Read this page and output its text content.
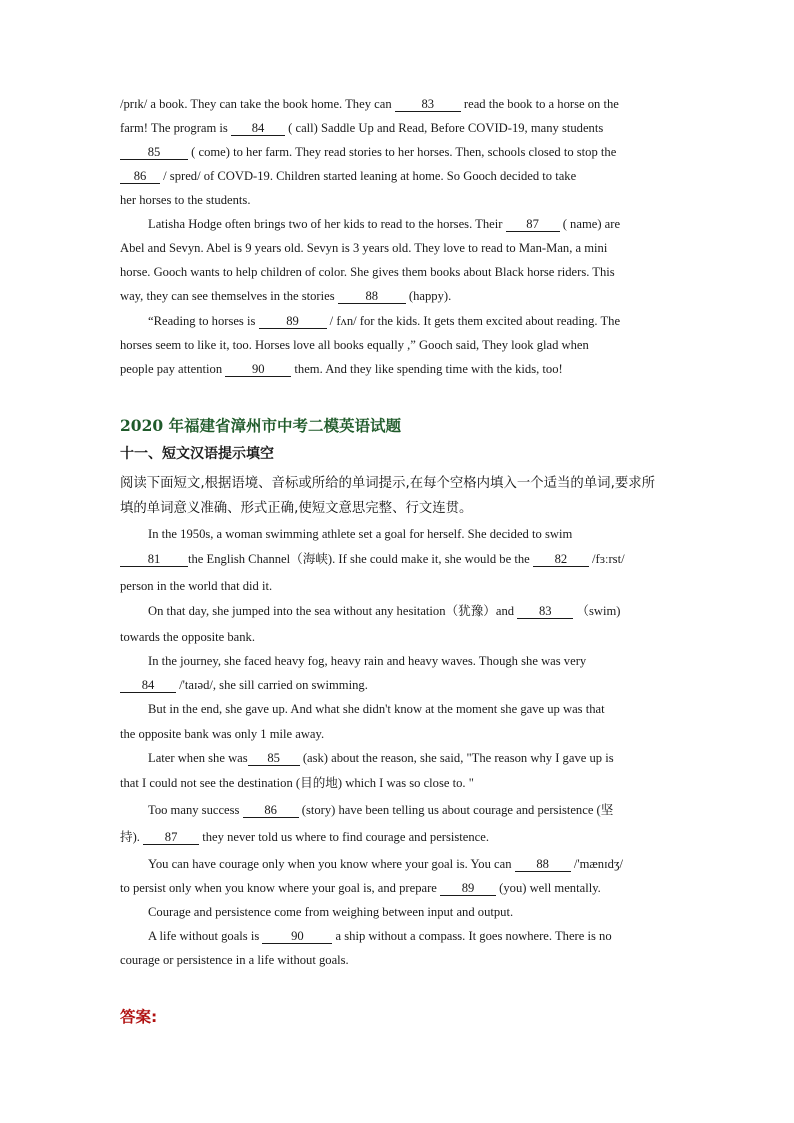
/prɪk/ a book. They can take the book home. They can 83 read the book to a horse on the
farm! The program is 84 ( call) Saddle Up and Read, Before COVID-19, many students
85 ( come) to her farm. They read stories to her horses. Then, schools closed to stop the
86 / spred/ of COVD-19. Children started leaning at home. So Gooch decided to take
her horses to the students.
Latisha Hodge often brings two of her kids to read to the horses. Their 87 ( name) are
Abel and Sevyn. Abel is 9 years old. Sevyn is 3 years old. They love to read to Man-Man, a mini
horse. Gooch wants to help children of color. She gives them books about Black horse riders. This
way, they can see themselves in the stories 88 (happy).
“Reading to horses is 89 / fʌn/ for the kids. It gets them excited about reading. The
horses seem to like it, too. Horses love all books equally ,” Gooch said, They look glad when
people pay attention 90 them. And they like spending time with the kids, too!
2020 年福建省漳州市中考二模英语试题
十一、短文汉语提示填空
阅读下面短文,根据语境、音标或所给的单词提示,在每个空格内填入一个适当的单词,要求所
填的单词意义准确、形式正确,使短文意思完整、行文连贯。
In the 1950s, a woman swimming athlete set a goal for herself. She decided to swim
81 the English Channel（海峡). If she could make it, she would be the 82 /fɜːrst/
person in the world that did it.
On that day, she jumped into the sea without any hesitation（犹豫）and 83 （swim)
towards the opposite bank.
In the journey, she faced heavy fog, heavy rain and heavy waves. Though she was very
84 /'taɪəd/, she sill carried on swimming.
But in the end, she gave up. And what she didn't know at the moment she gave up was that
the opposite bank was only 1 mile away.
Later when she was 85 (ask) about the reason, she said, "The reason why I gave up is
that I could not see the destination (目的地) which I was so close to. "
Too many success 86 (story) have been telling us about courage and persistence (坚
持). 87 they never told us where to find courage and persistence.
You can have courage only when you know where your goal is. You can 88 /'mænɪdʒ/
to persist only when you know where your goal is, and prepare 89 (you) well mentally.
Courage and persistence come from weighing between input and output.
A life without goals is 90 a ship without a compass. It goes nowhere. There is no
courage or persistence in a life without goals.
答案:
